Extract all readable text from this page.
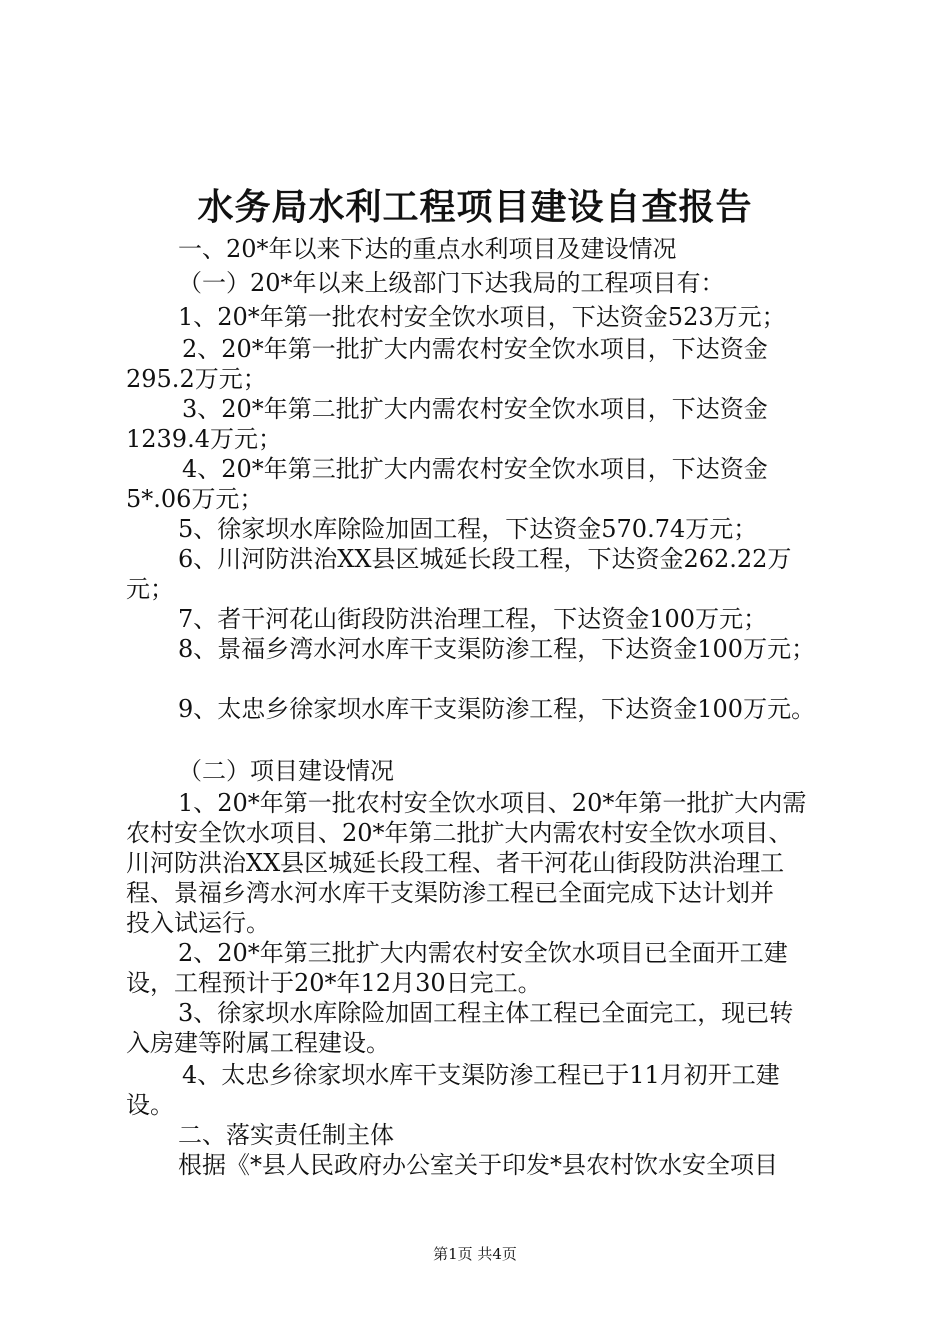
水务局水利工程项目建设自查报告
一、20*年以来下达的重点水利项目及建设情况
（一）20*年以来上级部门下达我局的工程项目有：
1、20*年第一批农村安全饮水项目，下达资金523万元；
2、20*年第一批扩大内需农村安全饮水项目，下达资金
295.2万元；
3、20*年第二批扩大内需农村安全饮水项目，下达资金
1239.4万元；
4、20*年第三批扩大内需农村安全饮水项目，下达资金
5*.06万元；
5、徐家坝水库除险加固工程，下达资金570.74万元；
6、川河防洪治XX县区城延长段工程，下达资金262.22万
元；
7、者干河花山街段防洪治理工程，下达资金100万元；
8、景福乡湾水河水库干支渠防渗工程，下达资金100万元；
9、太忠乡徐家坝水库干支渠防渗工程，下达资金100万元。
（二）项目建设情况
1、20*年第一批农村安全饮水项目、20*年第一批扩大内需
农村安全饮水项目、20*年第二批扩大内需农村安全饮水项目、
川河防洪治XX县区城延长段工程、者干河花山街段防洪治理工
程、景福乡湾水河水库干支渠防渗工程已全面完成下达计划并
投入试运行。
2、20*年第三批扩大内需农村安全饮水项目已全面开工建
设，工程预计于20*年12月30日完工。
3、徐家坝水库除险加固工程主体工程已全面完工，现已转
入房建等附属工程建设。
4、太忠乡徐家坝水库干支渠防渗工程已于11月初开工建
设。
二、落实责任制主体
根据《*县人民政府办公室关于印发*县农村饮水安全项目
第1页 共4页
